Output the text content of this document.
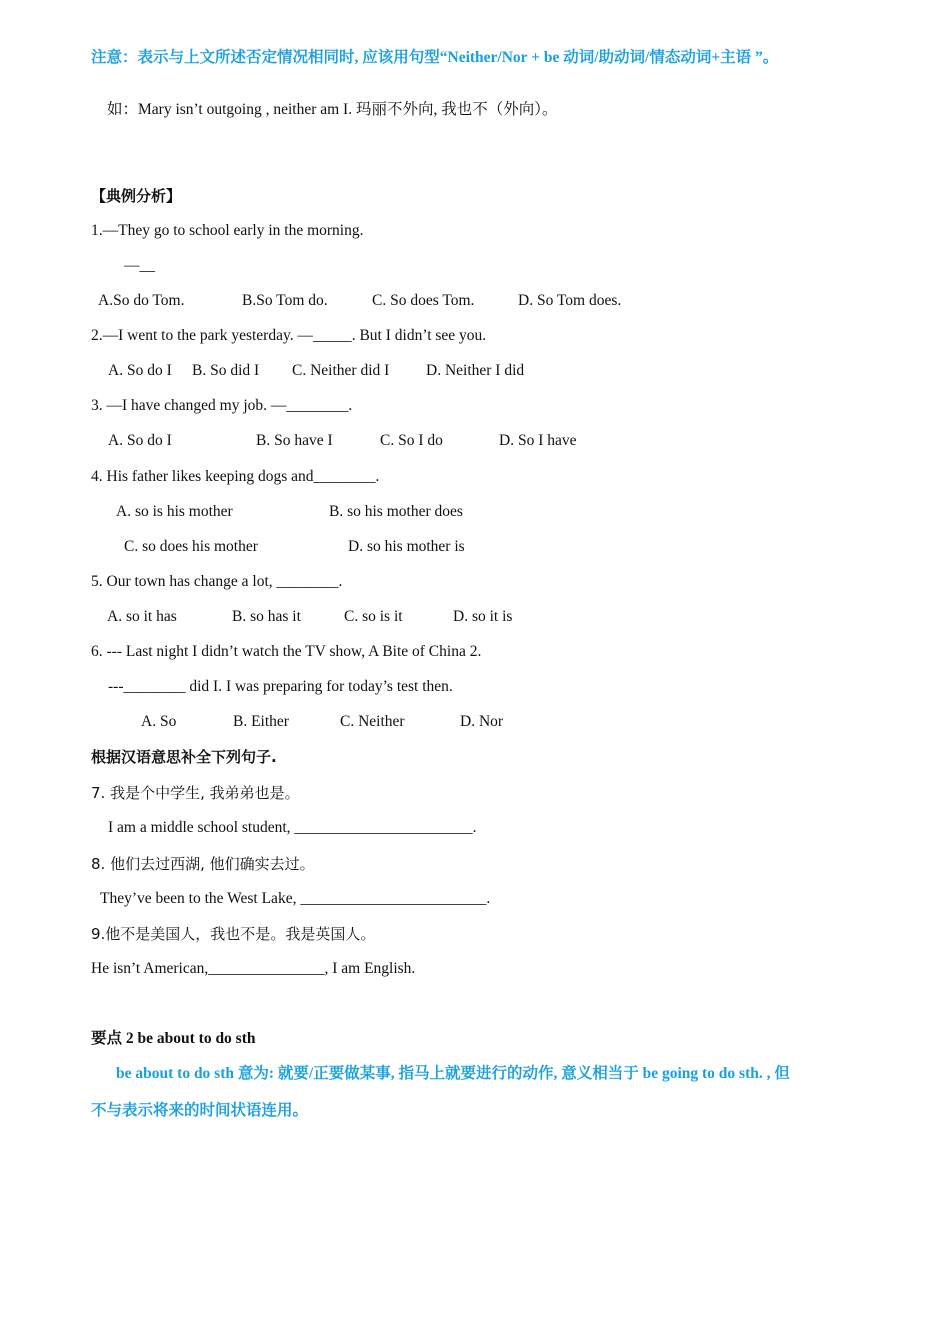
注意：表示与上文所述否定情况相同时, 应该用句型“Neither/Nor + be 动词/助动词/情态动词+主语 ”。
如：Mary isn’t outgoing , neither am I. 玛丽不外向, 我也不（外向）。
【典例分析】
1.—They go to school early in the morning.
—__
A.So do Tom.	B.So Tom do.	C. So does Tom.	D. So Tom does.
2.—I went to the park yesterday. —_____. But I didn’t see you.
A. So do I B. So did I C. Neither did I D. Neither I did
3. —I have changed my job. —________.
A. So do I	B. So have I	C. So I do	D. So I have
4. His father likes keeping dogs and________.
A. so is his mother	B. so his mother does
C. so does his mother	D. so his mother is
5. Our town has change a lot, ________.
A. so it has	B. so has it	C. so is it	D. so it is
6. --- Last night I didn’t watch the TV show, A Bite of China 2.
---________ did I. I was preparing for today’s test then.
A. So	B. Either	C. Neither	D. Nor
根据汉语意思补全下列句子.
7. 我是个中学生, 我弟弟也是。
I am a middle school student, _______________________.
8. 他们去过西湖, 他们确实去过。
They’ve been to the West Lake, ________________________.
9.他不是美国人，我也不是。我是英国人。
He isn’t American,_______________, I am English.
要点 2 be about to do sth
be about to do sth 意为: 就要/正要做某事, 指马上就要进行的动作, 意义相当于 be going to do sth. , 但
不与表示将来的时间状语连用。
